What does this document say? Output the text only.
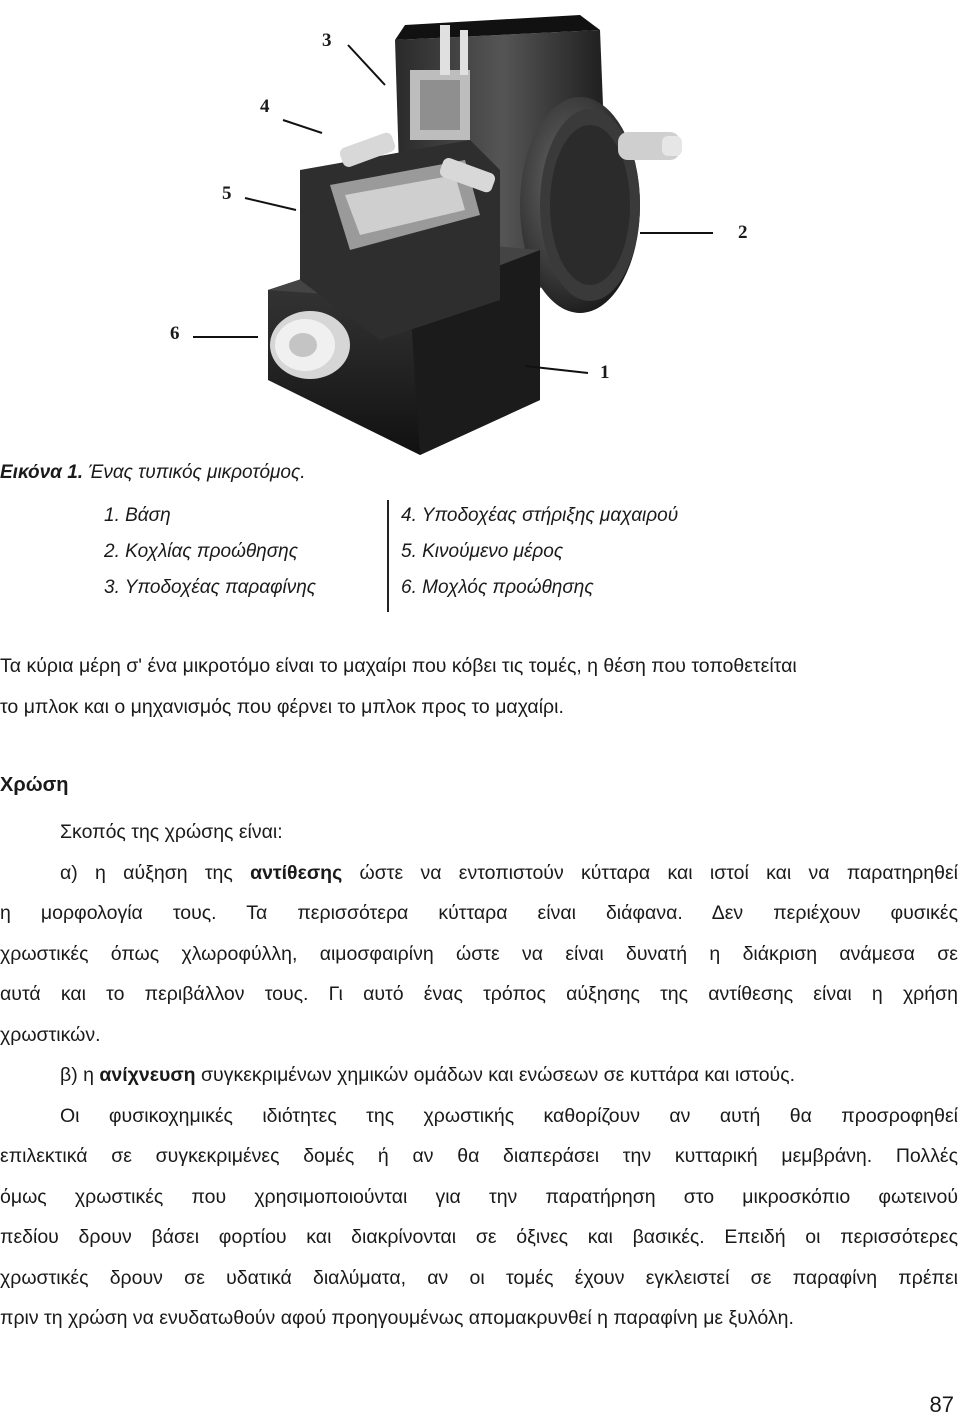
3
4
5
2
6
1
Εικόνα 1. Ένας τυπικός μικροτόμος.
1. Βάση
2. Κοχλίας προώθησης
3. Υποδοχέας παραφίνης
4. Υποδοχέας στήριξης μαχαιρού
5. Κινούμενο μέρος
6. Μοχλός προώθησης
Τα κύρια μέρη σ' ένα μικροτόμο είναι το μαχαίρι που κόβει τις τομές, η θέση που τοποθετείται
το μπλοκ και ο μηχανισμός που φέρνει το μπλοκ προς το μαχαίρι.
Χρώση
Σκοπός της χρώσης είναι:
α) η αύξηση της αντίθεσης ώστε να εντοπιστούν κύτταρα και ιστοί και να παρατηρηθεί
η μορφολογία τους. Τα περισσότερα κύτταρα είναι διάφανα. Δεν περιέχουν φυσικές
χρωστικές όπως χλωροφύλλη, αιμοσφαιρίνη ώστε να είναι δυνατή η διάκριση ανάμεσα σε
αυτά και το περιβάλλον τους. Γι αυτό ένας τρόπος αύξησης της αντίθεσης είναι η χρήση
χρωστικών.
β) η ανίχνευση συγκεκριμένων χημικών ομάδων και ενώσεων σε κυττάρα και ιστούς.
Οι φυσικοχημικές ιδιότητες της χρωστικής καθορίζουν αν αυτή θα προσροφηθεί
επιλεκτικά σε συγκεκριμένες δομές ή αν θα διαπεράσει την κυτταρική μεμβράνη. Πολλές
όμως χρωστικές που χρησιμοποιούνται για την παρατήρηση στο μικροσκόπιο φωτεινού
πεδίου δρουν βάσει φορτίου και διακρίνονται σε όξινες και βασικές. Επειδή οι περισσότερες
χρωστικές δρουν σε υδατικά διαλύματα, αν οι τομές έχουν εγκλειστεί σε παραφίνη πρέπει
πριν τη χρώση να ενυδατωθούν αφού προηγουμένως απομακρυνθεί η παραφίνη με ξυλόλη.
87
